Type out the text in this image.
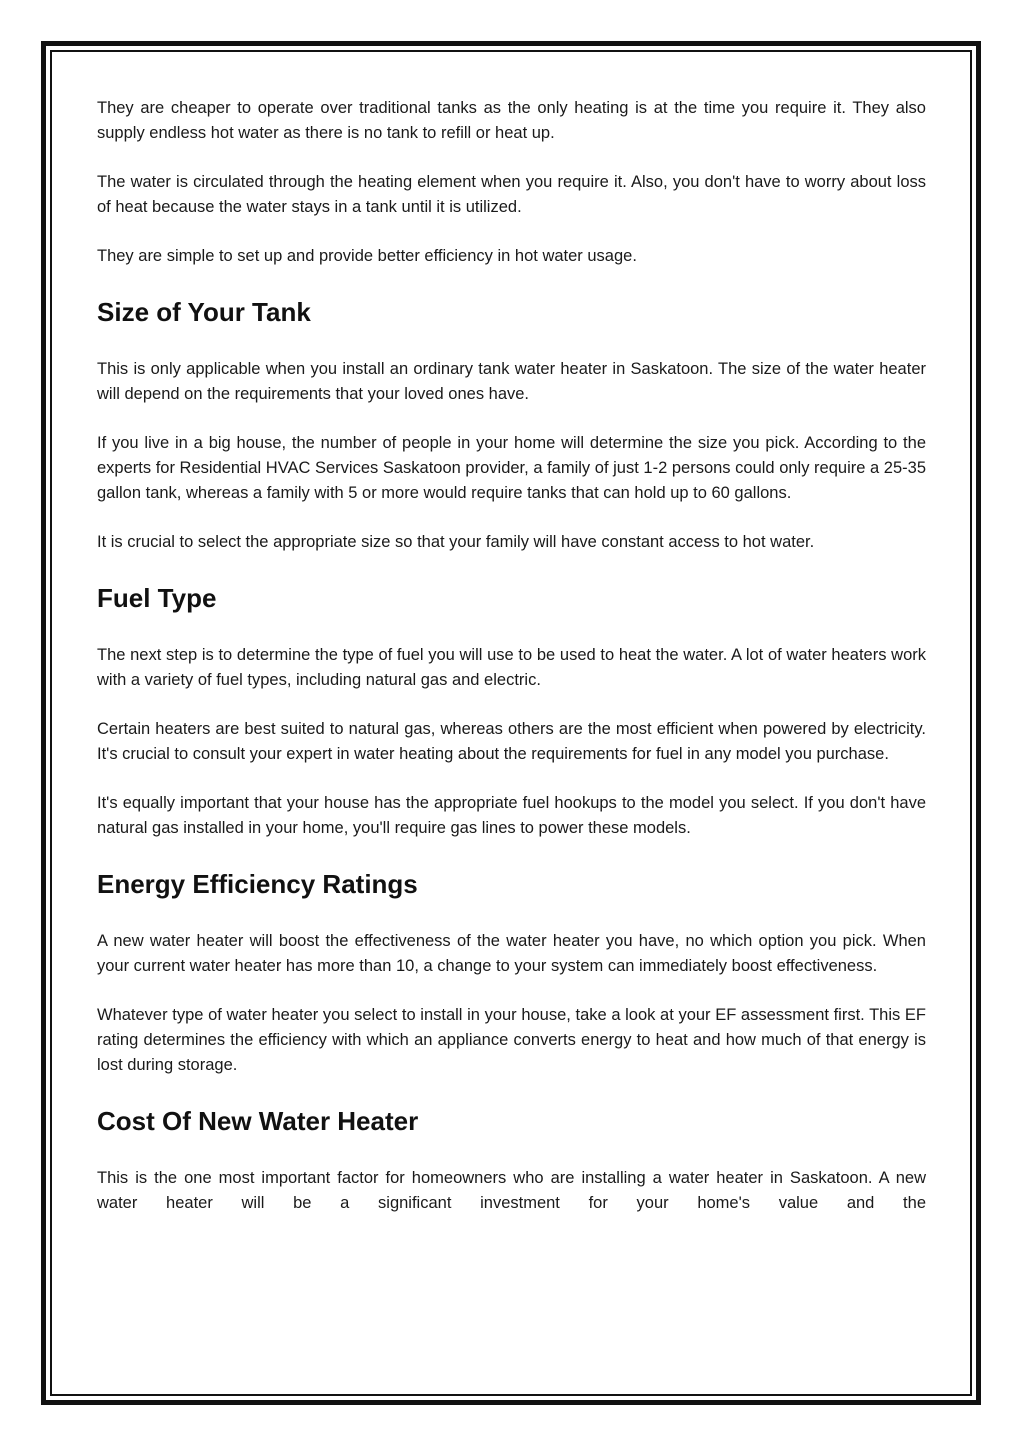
They are cheaper to operate over traditional tanks as the only heating is at the time you require it. They also supply endless hot water as there is no tank to refill or heat up.

The water is circulated through the heating element when you require it. Also, you don't have to worry about loss of heat because the water stays in a tank until it is utilized.

They are simple to set up and provide better efficiency in hot water usage.

Size of Your Tank

This is only applicable when you install an ordinary tank water heater in Saskatoon. The size of the water heater will depend on the requirements that your loved ones have.

If you live in a big house, the number of people in your home will determine the size you pick. According to the experts for Residential HVAC Services Saskatoon provider, a family of just 1-2 persons could only require a 25-35 gallon tank, whereas a family with 5 or more would require tanks that can hold up to 60 gallons.

It is crucial to select the appropriate size so that your family will have constant access to hot water.

Fuel Type

The next step is to determine the type of fuel you will use to be used to heat the water. A lot of water heaters work with a variety of fuel types, including natural gas and electric.

Certain heaters are best suited to natural gas, whereas others are the most efficient when powered by electricity. It's crucial to consult your expert in water heating about the requirements for fuel in any model you purchase.

It's equally important that your house has the appropriate fuel hookups to the model you select. If you don't have natural gas installed in your home, you'll require gas lines to power these models.

Energy Efficiency Ratings

A new water heater will boost the effectiveness of the water heater you have, no which option you pick. When your current water heater has more than 10, a change to your system can immediately boost effectiveness.

Whatever type of water heater you select to install in your house, take a look at your EF assessment first. This EF rating determines the efficiency with which an appliance converts energy to heat and how much of that energy is lost during storage.

Cost Of New Water Heater

This is the one most important factor for homeowners who are installing a water heater in Saskatoon. A new water heater will be a significant investment for your home's value and the
